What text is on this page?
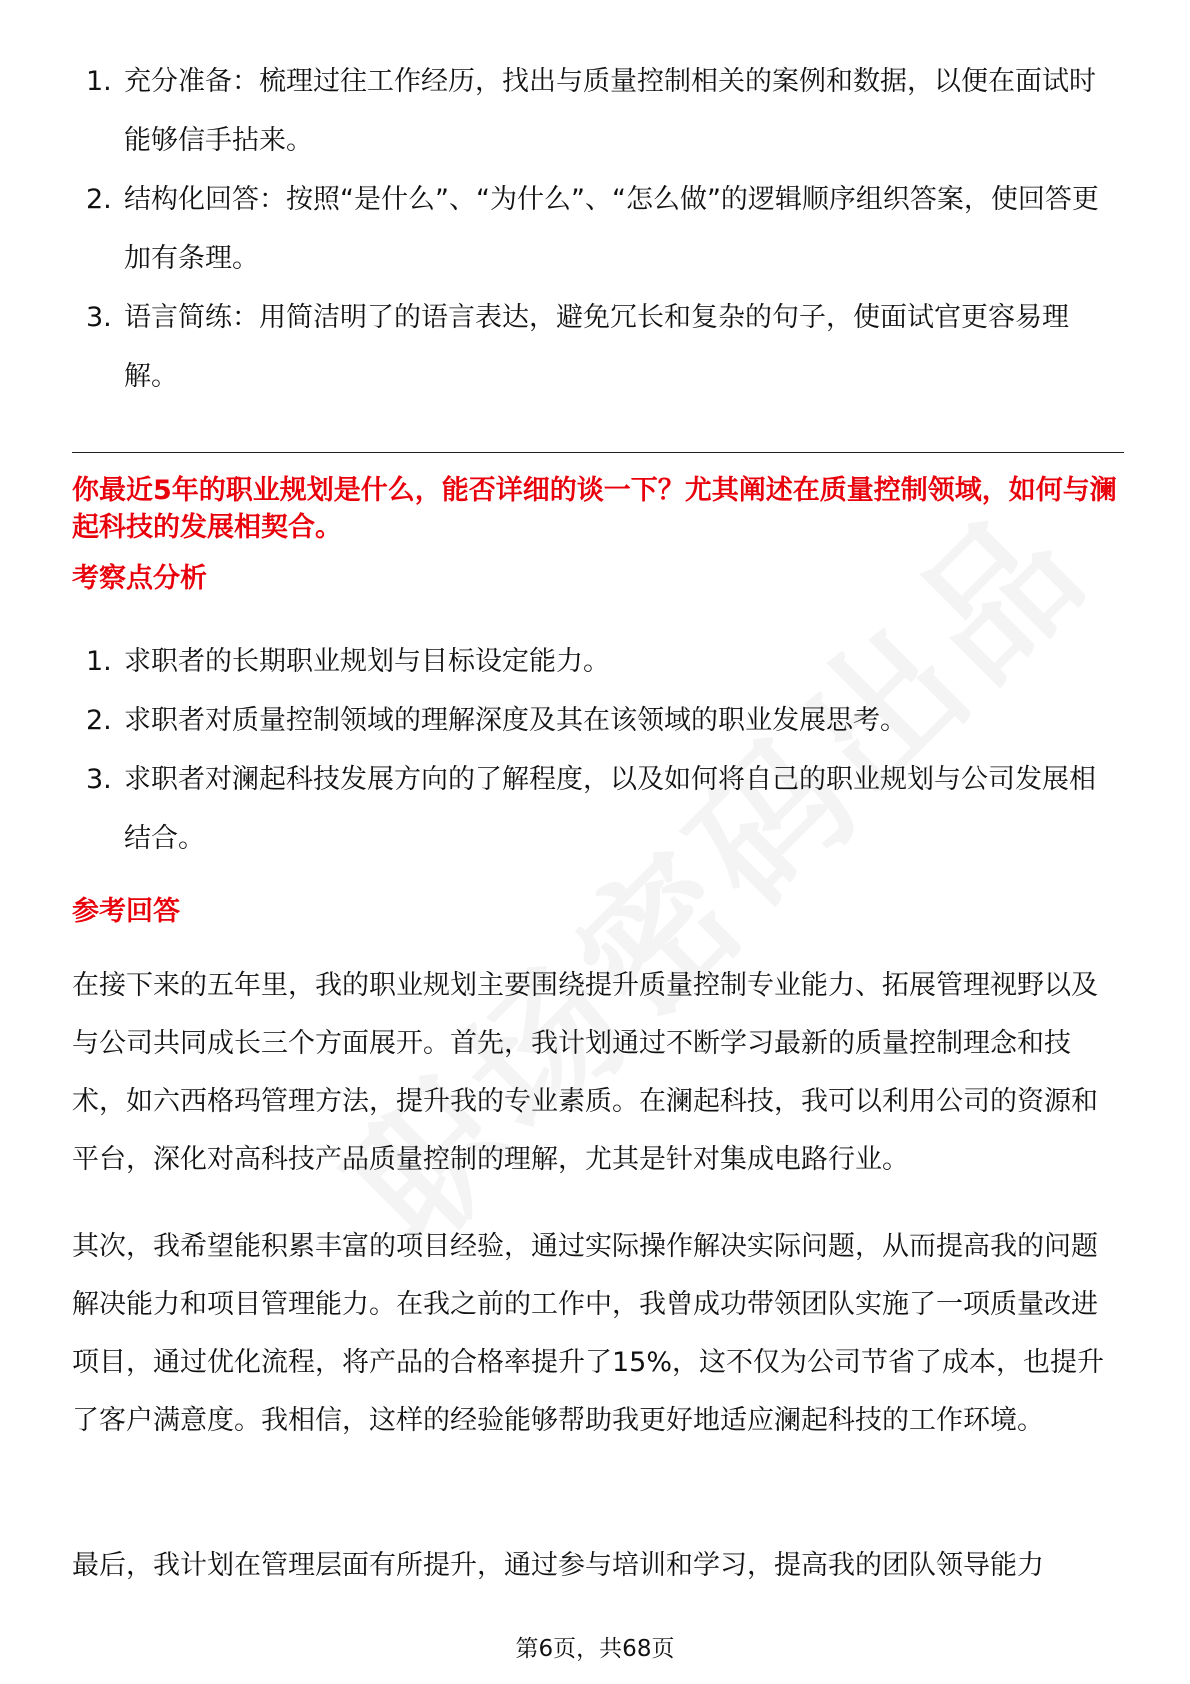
1. 充分准备：梳理过往工作经历，找出与质量控制相关的案例和数据，以便在面试时能够信手拈来。
2. 结构化回答：按照“是什么”、“为什么”、“怎么做”的逻辑顺序组织答案，使回答更加有条理。
3. 语言简练：用简洁明了的语言表达，避免冗长和复杂的句子，使面试官更容易理解。

你最近5年的职业规划是什么，能否详细的谈一下？尤其阐述在质量控制领域，如何与澜起科技的发展相契合。

考察点分析
1. 求职者的长期职业规划与目标设定能力。
2. 求职者对质量控制领域的理解深度及其在该领域的职业发展思考。
3. 求职者对澜起科技发展方向的了解程度，以及如何将自己的职业规划与公司发展相结合。
参考回答

在接下来的五年里，我的职业规划主要围绕提升质量控制专业能力、拓展管理视野以及与公司共同成长三个方面展开。首先，我计划通过不断学习最新的质量控制理念和技术，如六西格玛管理方法，提升我的专业素质。在澜起科技，我可以利用公司的资源和平台，深化对高科技产品质量控制的理解，尤其是针对集成电路行业。

其次，我希望能积累丰富的项目经验，通过实际操作解决实际问题，从而提高我的问题解决能力和项目管理能力。在我之前的工作中，我曾成功带领团队实施了一项质量改进项目，通过优化流程，将产品的合格率提升了15%，这不仅为公司节省了成本，也提升了客户满意度。我相信，这样的经验能够帮助我更好地适应澜起科技的工作环境。

最后，我计划在管理层面有所提升，通过参与培训和学习，提高我的团队领导能力

第6页，共68页
